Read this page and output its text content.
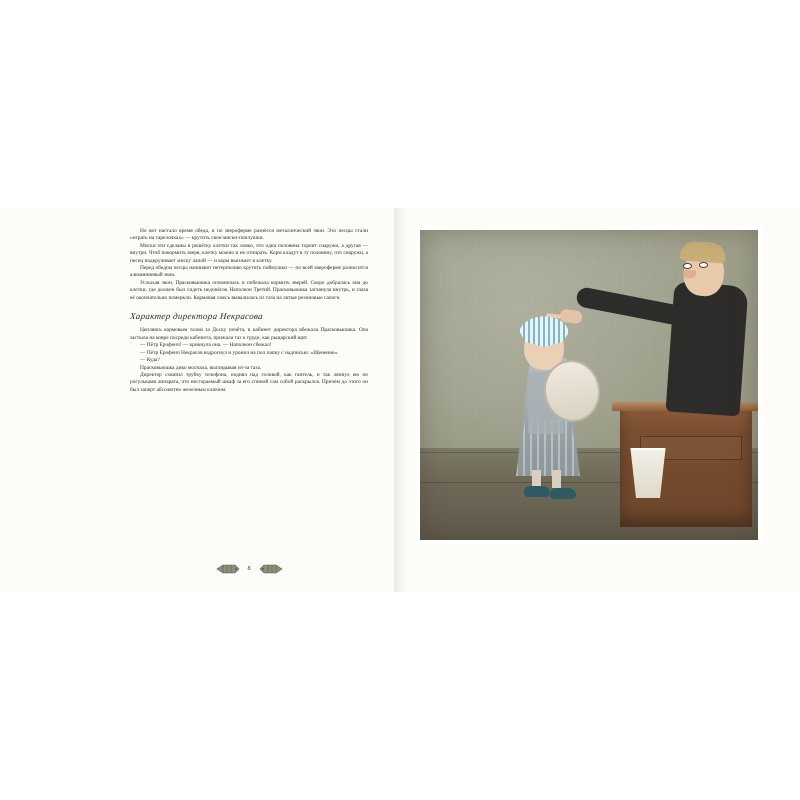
Но вот настало время обеда, и по звероферме разнёсся металлический звон. Это песцы стали «играть на тарелочках» — крутить свои миски-поилушки.

Миски эти сделаны в решётку клетки так ловко, что одна половина торчит снаружи, а другая — внутри. Чтоб покормить зверя, клетку можно и не отпирать. Корм кладут в ту половину, что снаружи, а песец подкручивает миску лапой — и корм въезжает в клетку.

Перед обедом песцы начинают нетерпеливо крутить поймушки — по всей звероферме разносится алюминиевый звон.

Услыхав звон, Прасковьюшка опомнилась и побежала кормить зверей. Скоро добралась она до клетки, где должен был сидеть недопёсок Наполеон Третий. Прасковьюшка заглянула внутрь, и глаза её окончательно померкли. Кормовая смесь вывалилась из таза на литые резиновые сапоги.

Характер директора Некрасова

Цепляясь кормовым тазом за Доску почёта, в кабинет директора вбежала Прасковьюшка. Она застыла на ковре посреди кабинета, прижала таз к груди, как рыцарский щит.

— Пётр Ерофеич! — крикнула она. — Наполеон сбежал!

— Пётр Ерофеич Некрасов вздрогнул и уронил на пол папку с надписью: «Щенение».

— Куда?

Прасковьюшка дико молчала, выглядывая из-за таза.

Директор схватил трубку телефона, поднял над головой, как гантель, и так ляпнул ею по рогульками аппарата, что несгораемый шкаф за его спиной сам собой раскрылся. Причём до этого он был заперт абсолютно железным ключом.

8
